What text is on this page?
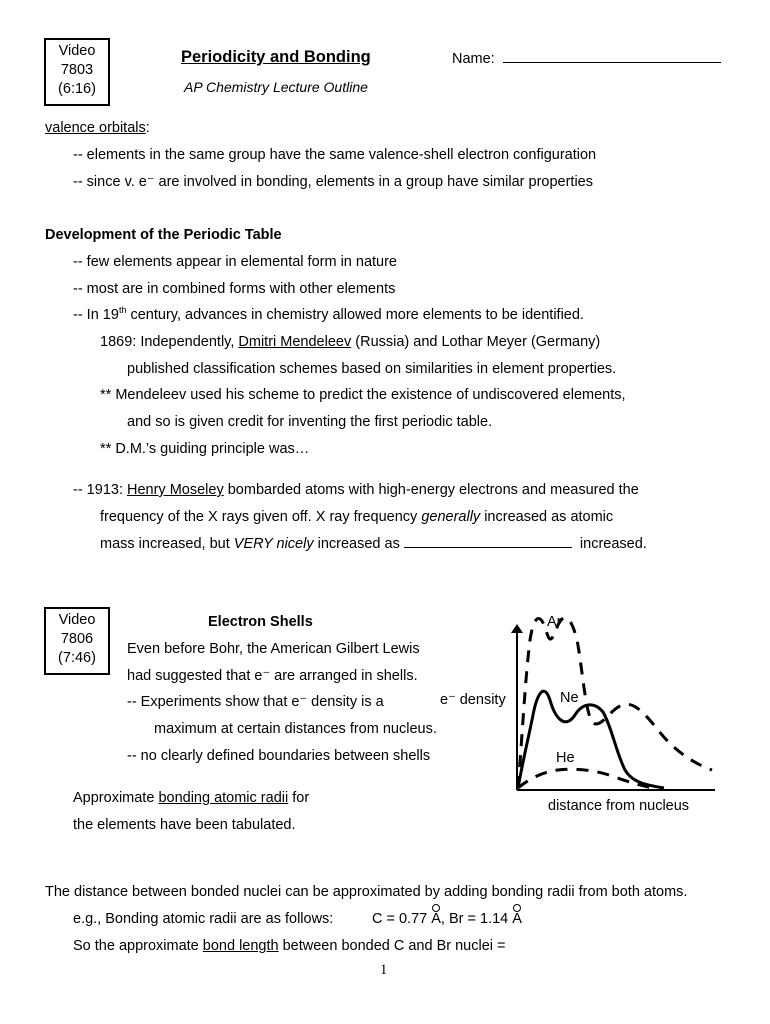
Video
7803
(6:16)
Periodicity and Bonding
AP Chemistry Lecture Outline
Name:
valence orbitals:
-- elements in the same group have the same valence-shell electron configuration
-- since v. e⁻ are involved in bonding, elements in a group have similar properties
Development of the Periodic Table
-- few elements appear in elemental form in nature
-- most are in combined forms with other elements
-- In 19th century, advances in chemistry allowed more elements to be identified.
1869: Independently, Dmitri Mendeleev (Russia) and Lothar Meyer (Germany)
published classification schemes based on similarities in element properties.
** Mendeleev used his scheme to predict the existence of undiscovered elements,
and so is given credit for inventing the first periodic table.
** D.M.’s guiding principle was…
-- 1913: Henry Moseley bombarded atoms with high-energy electrons and measured the
frequency of the X rays given off. X ray frequency generally increased as atomic
mass increased, but VERY nicely increased as	increased.
Video
7806
(7:46)
Electron Shells
Even before Bohr, the American Gilbert Lewis
had suggested that e⁻ are arranged in shells.
-- Experiments show that e⁻ density is a
maximum at certain distances from nucleus.
-- no clearly defined boundaries between shells
Approximate bonding atomic radii for
the elements have been tabulated.
e⁻ density
distance from nucleus
Ar
Ne
He
The distance between bonded nuclei can be approximated by adding bonding radii from both atoms.
e.g., Bonding atomic radii are as follows:	C = 0.77 A, Br = 1.14 A
So the approximate bond length between bonded C and Br nuclei =
1
